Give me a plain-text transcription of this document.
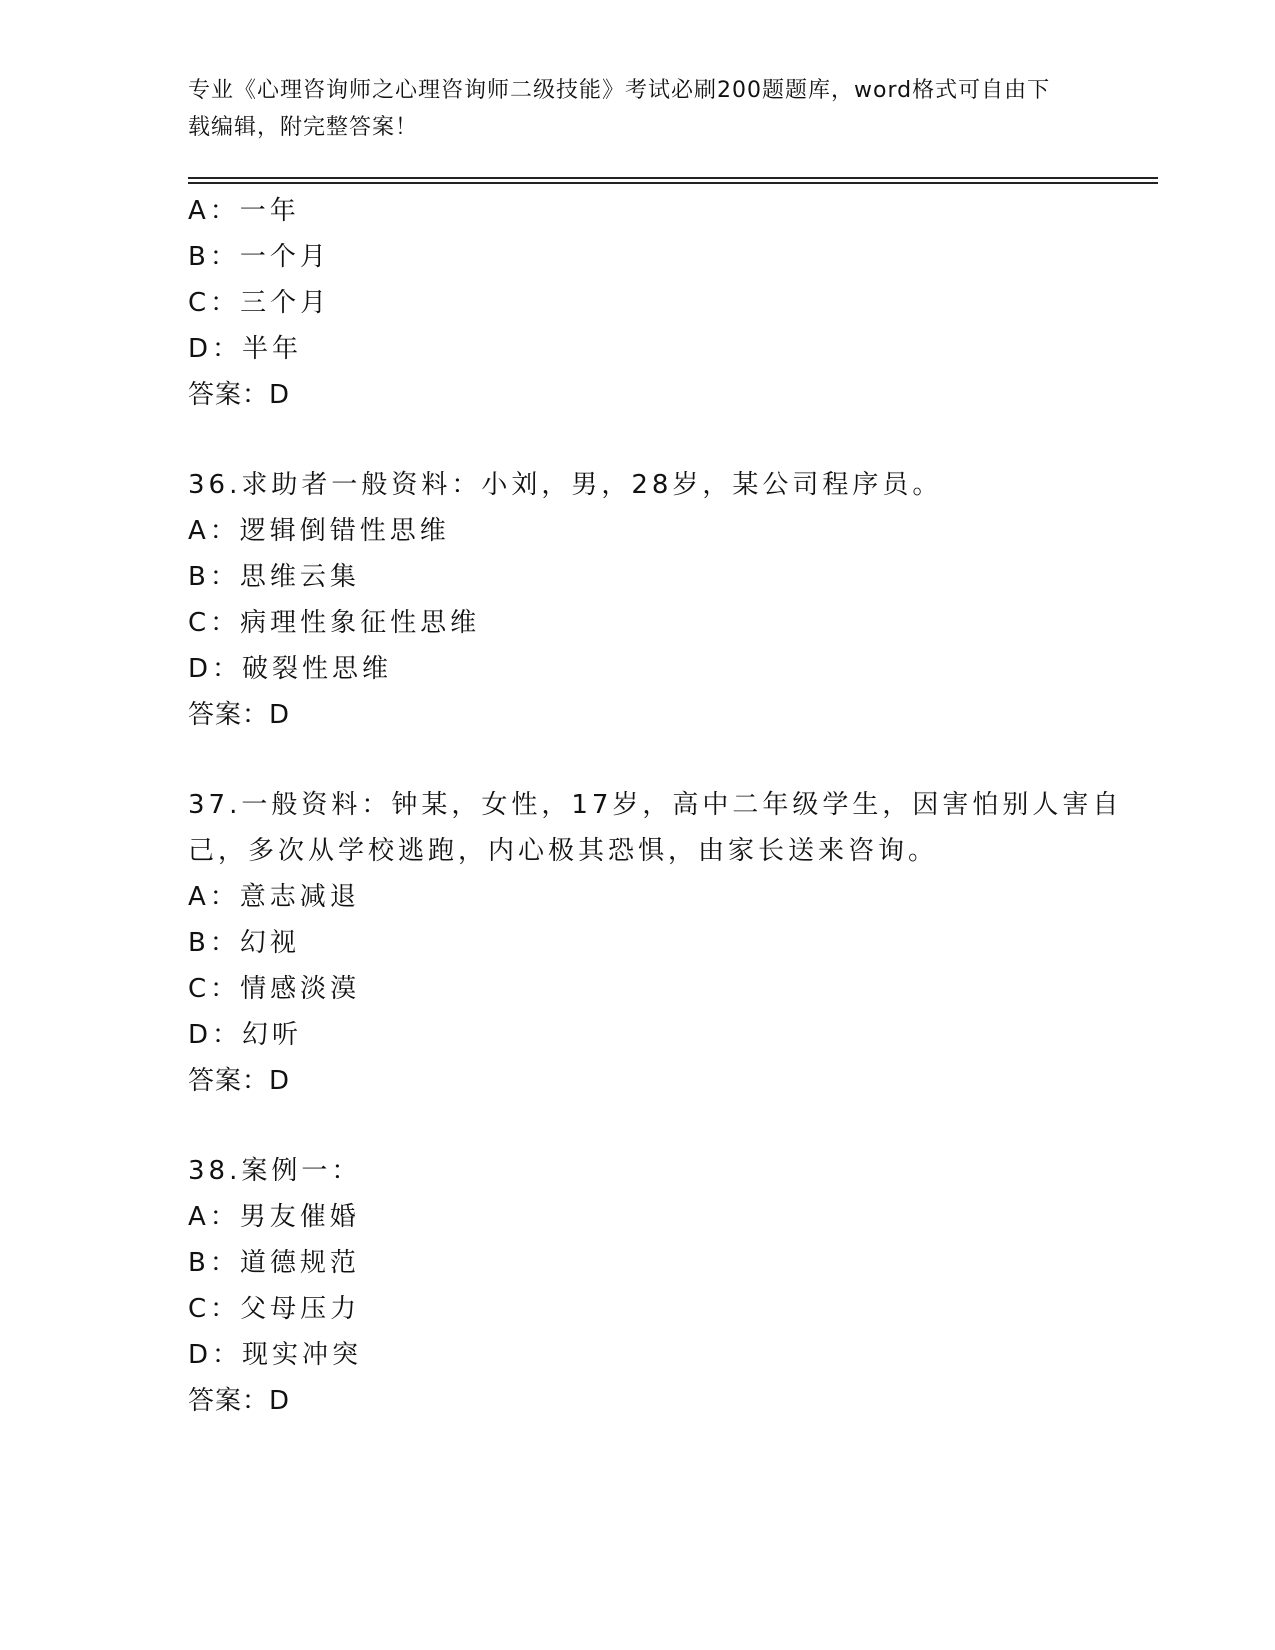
专业《心理咨询师之心理咨询师二级技能》考试必刷200题题库，word格式可自由下载编辑，附完整答案！
A：一年
B：一个月
C：三个月
D：半年
答案：D
36.求助者一般资料：小刘，男，28岁，某公司程序员。
A：逻辑倒错性思维
B：思维云集
C：病理性象征性思维
D：破裂性思维
答案：D
37.一般资料：钟某，女性，17岁，高中二年级学生，因害怕别人害自己，多次从学校逃跑，内心极其恐惧，由家长送来咨询。
A：意志减退
B：幻视
C：情感淡漠
D：幻听
答案：D
38.案例一：
A：男友催婚
B：道德规范
C：父母压力
D：现实冲突
答案：D
